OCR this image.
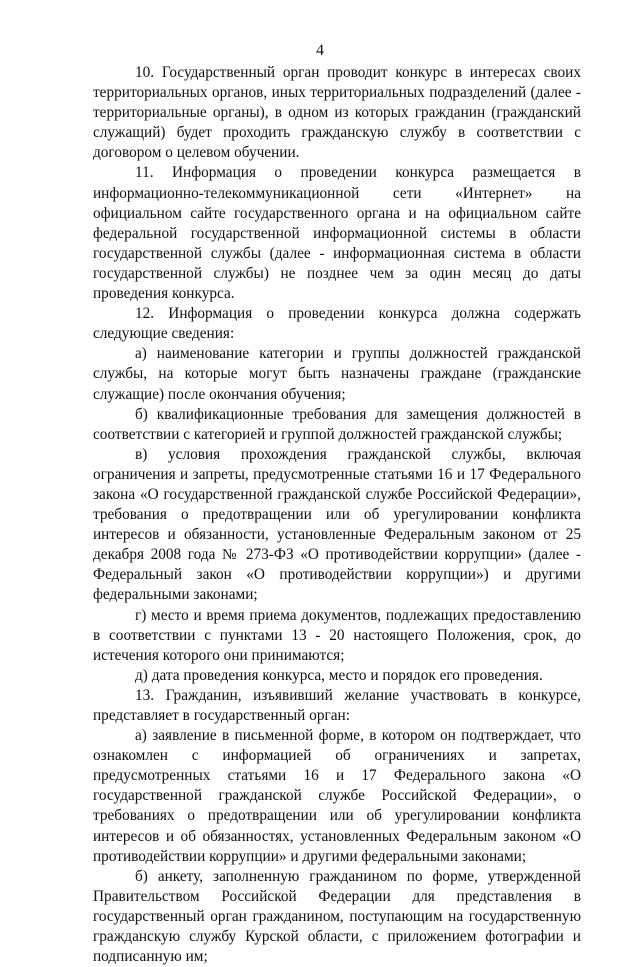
4

10. Государственный орган проводит конкурс в интересах своих территориальных органов, иных территориальных подразделений (далее - территориальные органы), в одном из которых гражданин (гражданский служащий) будет проходить гражданскую службу в соответствии с договором о целевом обучении.

11. Информация о проведении конкурса размещается в информационно-телекоммуникационной сети «Интернет» на официальном сайте государственного органа и на официальном сайте федеральной государственной информационной системы в области государственной службы (далее - информационная система в области государственной службы) не позднее чем за один месяц до даты проведения конкурса.

12. Информация о проведении конкурса должна содержать следующие сведения:

а) наименование категории и группы должностей гражданской службы, на которые могут быть назначены граждане (гражданские служащие) после окончания обучения;

б) квалификационные требования для замещения должностей в соответствии с категорией и группой должностей гражданской службы;

в) условия прохождения гражданской службы, включая ограничения и запреты, предусмотренные статьями 16 и 17 Федерального закона «О государственной гражданской службе Российской Федерации», требования о предотвращении или об урегулировании конфликта интересов и обязанности, установленные Федеральным законом от 25 декабря 2008 года № 273-ФЗ «О противодействии коррупции» (далее - Федеральный закон «О противодействии коррупции») и другими федеральными законами;

г) место и время приема документов, подлежащих предоставлению в соответствии с пунктами 13 - 20 настоящего Положения, срок, до истечения которого они принимаются;

д) дата проведения конкурса, место и порядок его проведения.

13. Гражданин, изъявивший желание участвовать в конкурсе, представляет в государственный орган:

а) заявление в письменной форме, в котором он подтверждает, что ознакомлен с информацией об ограничениях и запретах, предусмотренных статьями 16 и 17 Федерального закона «О государственной гражданской службе Российской Федерации», о требованиях о предотвращении или об урегулировании конфликта интересов и об обязанностях, установленных Федеральным законом «О противодействии коррупции» и другими федеральными законами;

б) анкету, заполненную гражданином по форме, утвержденной Правительством Российской Федерации для представления в государственный орган гражданином, поступающим на государственную гражданскую службу Курской области, с приложением фотографии и подписанную им;
